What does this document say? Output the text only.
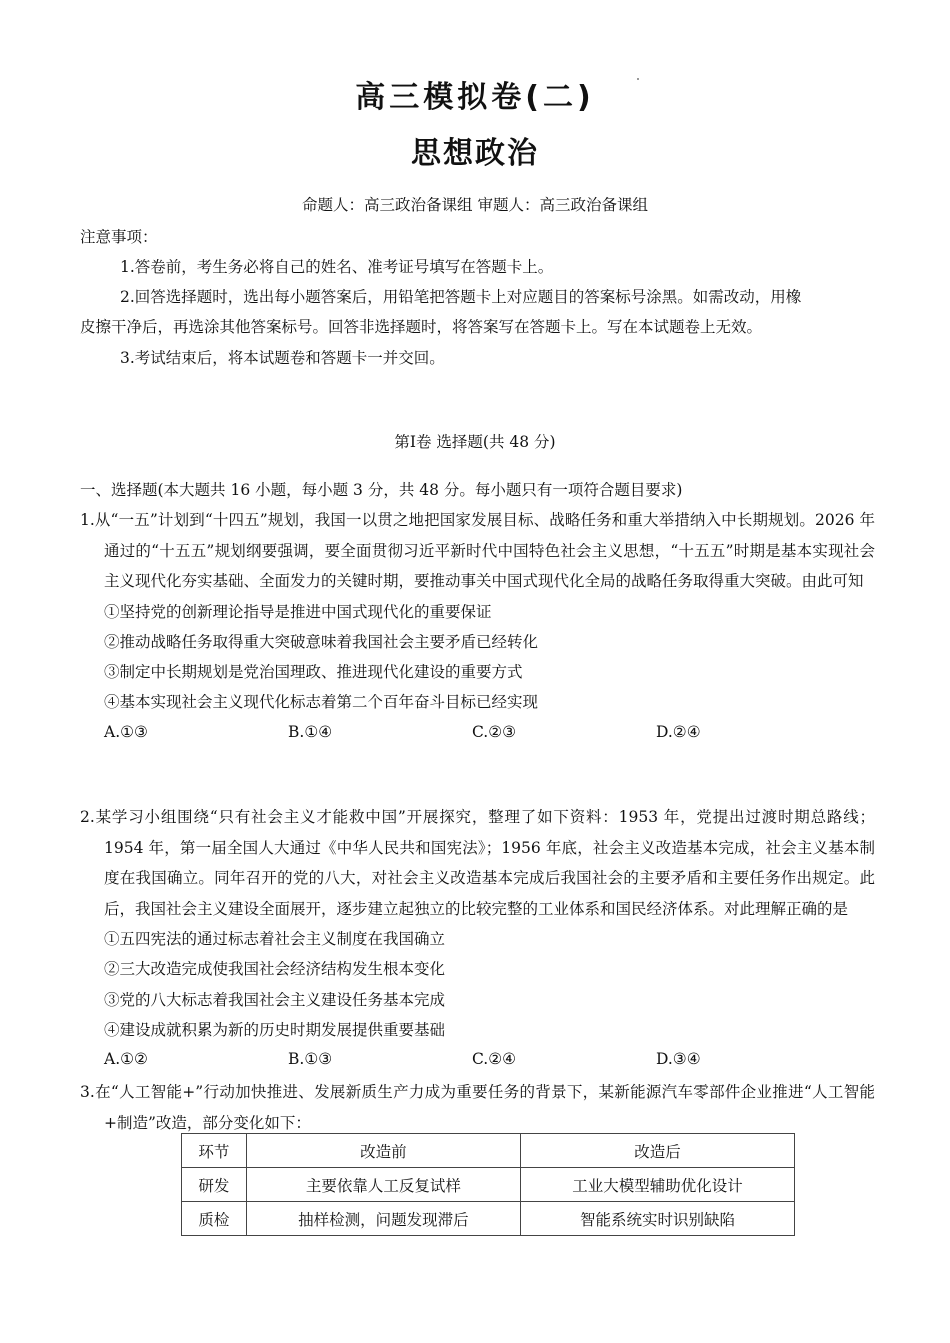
高三模拟卷(二)
思想政治
命题人：高三政治备课组 审题人：高三政治备课组
注意事项：
1.答卷前，考生务必将自己的姓名、准考证号填写在答题卡上。
2.回答选择题时，选出每小题答案后，用铅笔把答题卡上对应题目的答案标号涂黑。如需改动，用橡
皮擦干净后，再选涂其他答案标号。回答非选择题时，将答案写在答题卡上。写在本试题卷上无效。
3.考试结束后，将本试题卷和答题卡一并交回。
第Ⅰ卷 选择题(共 48 分)
一、选择题(本大题共 16 小题，每小题 3 分，共 48 分。每小题只有一项符合题目要求)

1.从“一五”计划到“十四五”规划，我国一以贯之地把国家发展目标、战略任务和重大举措纳入中长期规划。2026 年通过的“十五五”规划纲要强调，要全面贯彻习近平新时代中国特色社会主义思想，“十五五”时期是基本实现社会主义现代化夯实基础、全面发力的关键时期，要推动事关中国式现代化全局的战略任务取得重大突破。由此可知

①坚持党的创新理论指导是推进中国式现代化的重要保证

②推动战略任务取得重大突破意味着我国社会主要矛盾已经转化

③制定中长期规划是党治国理政、推进现代化建设的重要方式

④基本实现社会主义现代化标志着第二个百年奋斗目标已经实现

A.①③	B.①④	C.②③	D.②④

2.某学习小组围绕“只有社会主义才能救中国”开展探究，整理了如下资料：1953 年，党提出过渡时期总路线；1954 年，第一届全国人大通过《中华人民共和国宪法》；1956 年底，社会主义改造基本完成，社会主义基本制度在我国确立。同年召开的党的八大，对社会主义改造基本完成后我国社会的主要矛盾和主要任务作出规定。此后，我国社会主义建设全面展开，逐步建立起独立的比较完整的工业体系和国民经济体系。对此理解正确的是

①五四宪法的通过标志着社会主义制度在我国确立

②三大改造完成使我国社会经济结构发生根本变化

③党的八大标志着我国社会主义建设任务基本完成

④建设成就积累为新的历史时期发展提供重要基础

A.①②	B.①③	C.②④	D.③④

3.在“人工智能+”行动加快推进、发展新质生产力成为重要任务的背景下，某新能源汽车零部件企业推进“人工智能+制造”改造，部分变化如下：

环节	改造前	改造后
研发	主要依靠人工反复试样	工业大模型辅助优化设计
质检	抽样检测，问题发现滞后	智能系统实时识别缺陷
